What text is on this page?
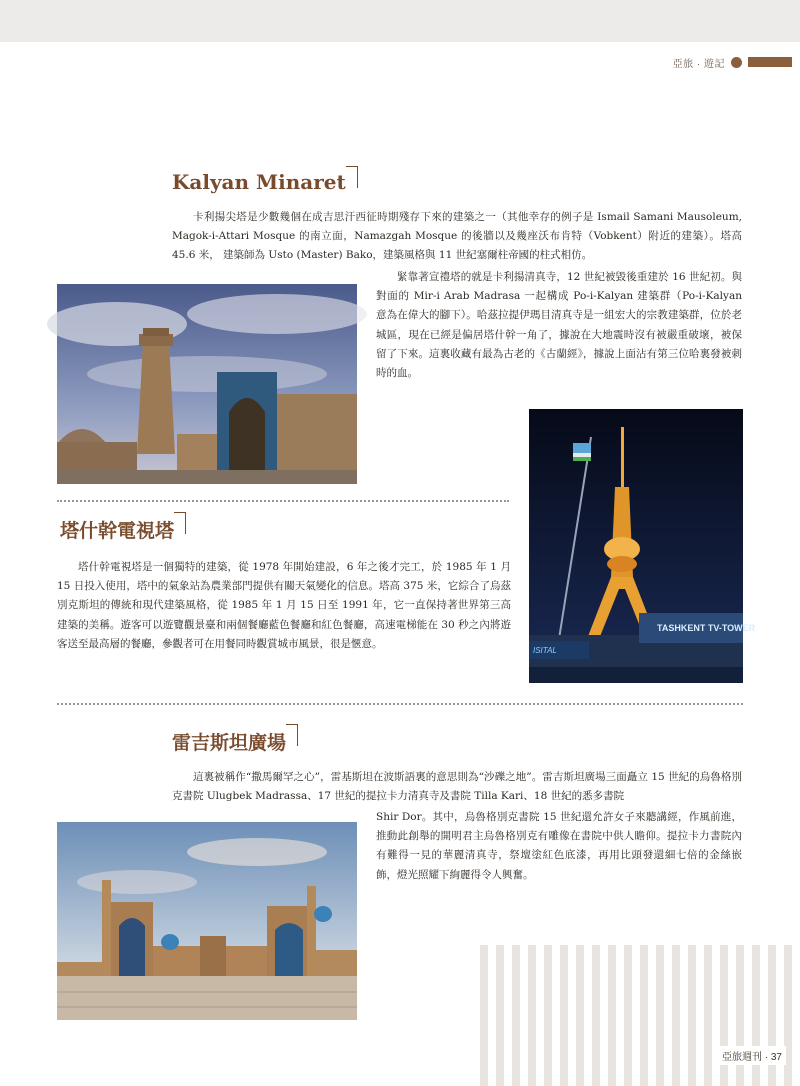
亞旅 · 遊記
Kalyan Minaret

卡利揚尖塔是少數幾個在成吉思汗西征時期殘存下來的建築之一（其他幸存的例子是 Ismail Samani Mausoleum, Magok-i-Attari Mosque 的南立面，Namazgah Mosque 的後牆以及幾座沃布肯特（Vobkent）附近的建築）。塔高 45.6 米， 建築師為 Usto (Master) Bako，建築風格與 11 世紀塞爾柱帝國的柱式相仿。

緊靠著宣禮塔的就是卡利揚清真寺，12 世紀被毀後重建於 16 世紀初。與對面的 Mir-i Arab Madrasa 一起構成 Po-i-Kalyan 建築群（Po-i-Kalyan 意為在偉大的腳下）。哈茲拉提伊瑪目清真寺是一組宏大的宗教建築群，位於老城區，現在已經是偏居塔什幹一角了，據說在大地震時沒有被嚴重破壞，被保留了下來。這裏收藏有最為古老的《古蘭經》，據說上面沾有第三位哈裏發被刺時的血。

塔什幹電視塔

塔什幹電視塔是一個獨特的建築，從 1978 年開始建設，6 年之後才完工，於 1985 年 1 月 15 日投入使用，塔中的氣象站為農業部門提供有關天氣變化的信息。塔高 375 米，它綜合了烏茲別克斯坦的傳統和現代建築風格，從 1985 年 1 月 15 日至 1991 年，它一直保持著世界第三高建築的美稱。遊客可以遊覽觀景臺和兩個餐廳藍色餐廳和紅色餐廳，高速電梯能在 30 秒之內將遊客送至最高層的餐廳，參觀者可在用餐同時觀賞城市風景，很是愜意。

TASHKENT TV-TOWER
ISITAL
雷吉斯坦廣場

這裏被稱作“撒馬爾罕之心”，雷基斯坦在波斯語裏的意思則為“沙礫之地”。雷吉斯坦廣場三面矗立 15 世紀的烏魯格別克書院 Ulugbek Madrassa、17 世紀的提拉卡力清真寺及書院 Tilla Kari、18 世紀的悉多書院

Shir Dor。其中，烏魯格別克書院 15 世紀還允許女子來聽講經，作風前進，推動此創舉的開明君主烏魯格別克有雕像在書院中供人瞻仰。提拉卡力書院內有難得一見的華麗清真寺，祭壇塗紅色底漆，再用比頭發還細七倍的金絲嵌飾，燈光照耀下絢麗得令人興奮。

亞旅週刊 · 37
